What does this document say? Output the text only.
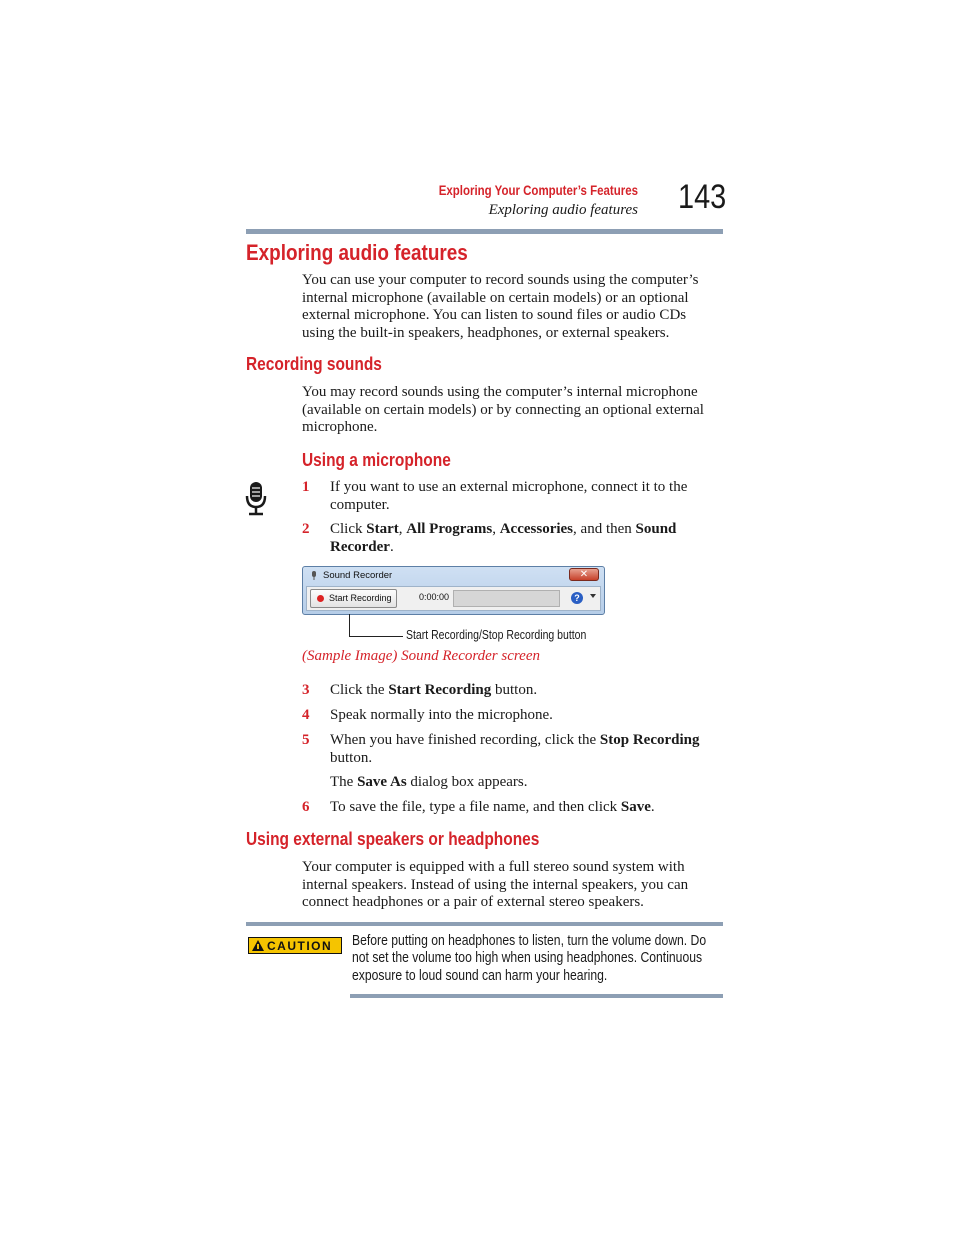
Exploring Your Computer’s Features
Exploring audio features 143
Exploring audio features
You can use your computer to record sounds using the computer’s internal microphone (available on certain models) or an optional external microphone. You can listen to sound files or audio CDs using the built-in speakers, headphones, or external speakers.
Recording sounds
You may record sounds using the computer’s internal microphone (available on certain models) or by connecting an optional external microphone.
Using a microphone
1 If you want to use an external microphone, connect it to the computer.
2 Click Start, All Programs, Accessories, and then Sound Recorder.
Sound Recorder	✕
Start Recording	0:00:00	?
Start Recording/Stop Recording button
(Sample Image) Sound Recorder screen
3 Click the Start Recording button.
4 Speak normally into the microphone.
5 When you have finished recording, click the Stop Recording button.
The Save As dialog box appears.
6 To save the file, type a file name, and then click Save.
Using external speakers or headphones
Your computer is equipped with a full stereo sound system with internal speakers. Instead of using the internal speakers, you can connect headphones or a pair of external stereo speakers.
CAUTION Before putting on headphones to listen, turn the volume down. Do not set the volume too high when using headphones. Continuous exposure to loud sound can harm your hearing.
